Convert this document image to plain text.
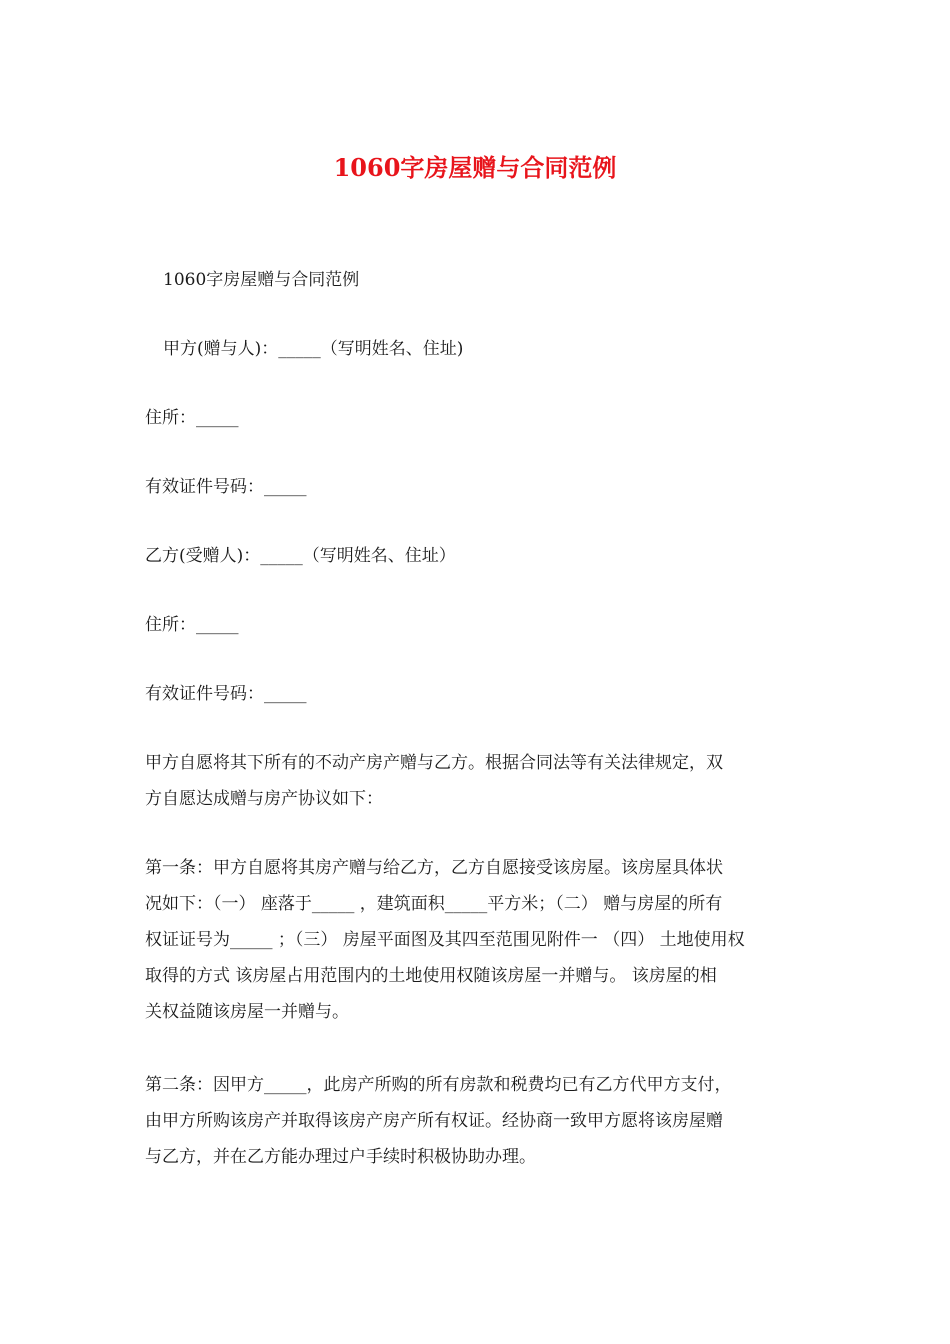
1060字房屋赠与合同范例

1060字房屋赠与合同范例

甲方(赠与人)：_____（写明姓名、住址)

住所：_____

有效证件号码：_____

乙方(受赠人)：_____（写明姓名、住址）

住所：_____

有效证件号码：_____

甲方自愿将其下所有的不动产房产赠与乙方。根据合同法等有关法律规定，双
方自愿达成赠与房产协议如下：
第一条：甲方自愿将其房产赠与给乙方，乙方自愿接受该房屋。该房屋具体状
况如下：（一） 座落于_____ ，建筑面积_____平方米；（二） 赠与房屋的所有
权证证号为_____ ；（三） 房屋平面图及其四至范围见附件一 （四） 土地使用权
取得的方式 该房屋占用范围内的土地使用权随该房屋一并赠与。 该房屋的相
关权益随该房屋一并赠与。
第二条：因甲方_____，此房产所购的所有房款和税费均已有乙方代甲方支付，
由甲方所购该房产并取得该房产房产所有权证。经协商一致甲方愿将该房屋赠
与乙方，并在乙方能办理过户手续时积极协助办理。
